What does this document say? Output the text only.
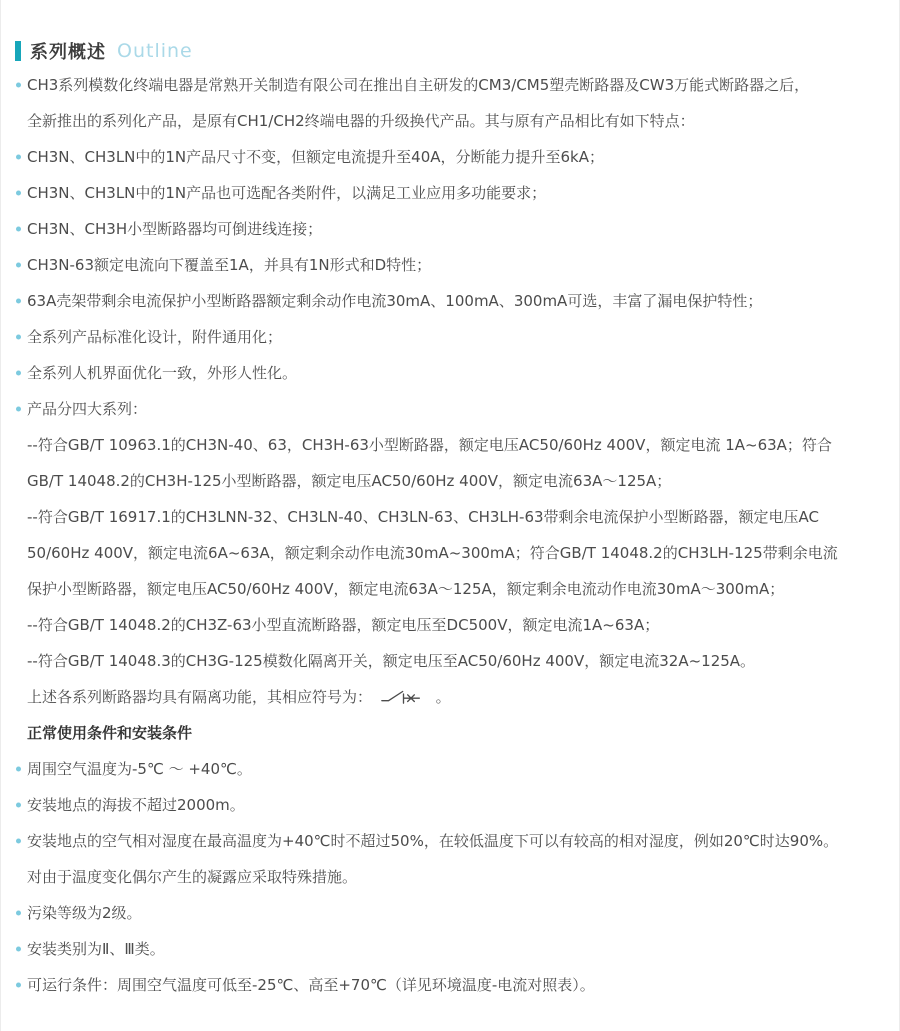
系列概述 Outline
CH3系列模数化终端电器是常熟开关制造有限公司在推出自主研发的CM3/CM5塑壳断路器及CW3万能式断路器之后，
全新推出的系列化产品，是原有CH1/CH2终端电器的升级换代产品。其与原有产品相比有如下特点：
CH3N、CH3LN中的1N产品尺寸不变，但额定电流提升至40A，分断能力提升至6kA；
CH3N、CH3LN中的1N产品也可选配各类附件，以满足工业应用多功能要求；
CH3N、CH3H小型断路器均可倒进线连接；
CH3N-63额定电流向下覆盖至1A，并具有1N形式和D特性；
63A壳架带剩余电流保护小型断路器额定剩余动作电流30mA、100mA、300mA可选，丰富了漏电保护特性；
全系列产品标准化设计，附件通用化；
全系列人机界面优化一致，外形人性化。
产品分四大系列：
--符合GB/T 10963.1的CH3N-40、63，CH3H-63小型断路器，额定电压AC50/60Hz 400V，额定电流 1A~63A；符合
GB/T 14048.2的CH3H-125小型断路器，额定电压AC50/60Hz 400V，额定电流63A～125A；
--符合GB/T 16917.1的CH3LNN-32、CH3LN-40、CH3LN-63、CH3LH-63带剩余电流保护小型断路器，额定电压AC
50/60Hz 400V，额定电流6A~63A，额定剩余动作电流30mA~300mA；符合GB/T 14048.2的CH3LH-125带剩余电流
保护小型断路器，额定电压AC50/60Hz 400V，额定电流63A～125A，额定剩余电流动作电流30mA～300mA；
--符合GB/T 14048.2的CH3Z-63小型直流断路器，额定电压至DC500V，额定电流1A~63A；
--符合GB/T 14048.3的CH3G-125模数化隔离开关，额定电压至AC50/60Hz 400V，额定电流32A~125A。
上述各系列断路器均具有隔离功能，其相应符号为：	。
正常使用条件和安装条件
周围空气温度为-5℃ ～ +40℃。
安装地点的海拔不超过2000m。
安装地点的空气相对湿度在最高温度为+40℃时不超过50%，在较低温度下可以有较高的相对湿度，例如20℃时达90%。
对由于温度变化偶尔产生的凝露应采取特殊措施。
污染等级为2级。
安装类别为Ⅱ、Ⅲ类。
可运行条件：周围空气温度可低至-25℃、高至+70℃（详见环境温度-电流对照表）。
